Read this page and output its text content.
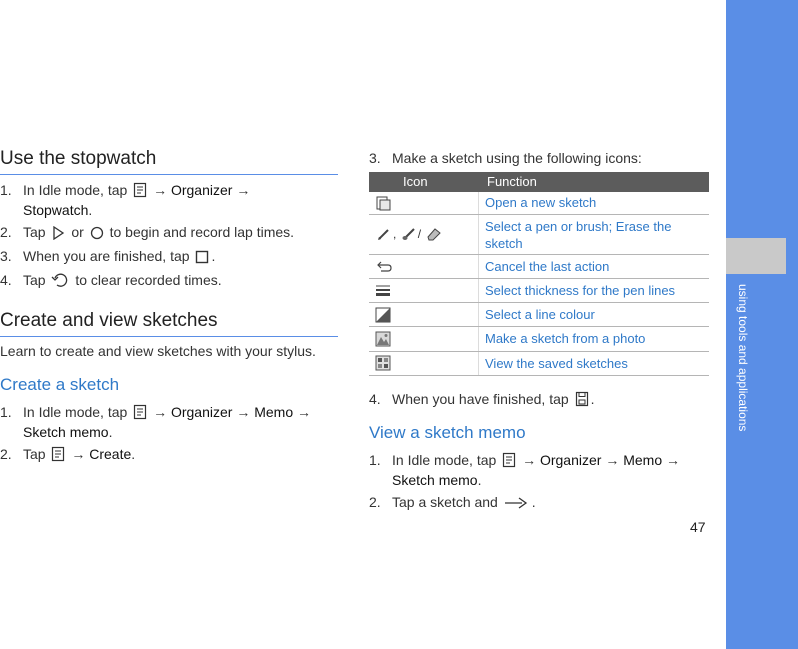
using tools and applications
Use the stopwatch
1. In Idle mode, tap → Organizer →
Stopwatch.
2. Tap or to begin and record lap times.
3. When you are finished, tap .
4. Tap to clear recorded times.
Create and view sketches
Learn to create and view sketches with your stylus.
Create a sketch
1. In Idle mode, tap → Organizer → Memo →
Sketch memo.
2. Tap → Create.
3. Make a sketch using the following icons:
Icon	Function
Open a new sketch
, /	Select a pen or brush; Erase the
sketch
Cancel the last action
Select thickness for the pen lines
Select a line colour
Make a sketch from a photo
View the saved sketches
4. When you have finished, tap .
View a sketch memo
1. In Idle mode, tap → Organizer → Memo →
Sketch memo.
2. Tap a sketch and .
47
